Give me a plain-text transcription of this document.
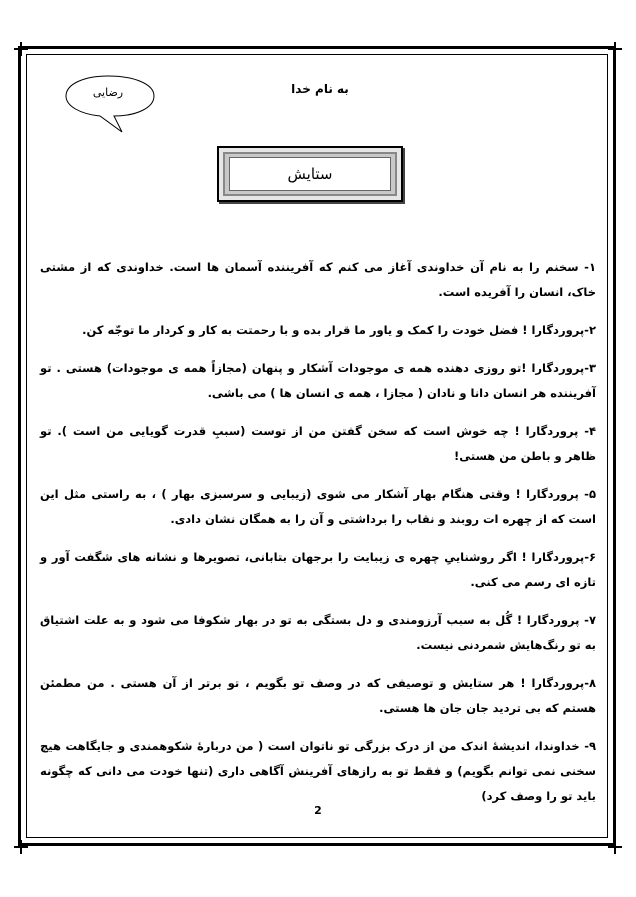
رضایی	به نام خدا
ستایش

۱- سخنم را به نام آن خداوندی آغاز می کنم که آفریننده آسمان ها است. خداوندی که از مشتی خاک، انسان را آفریده است.

۲-پروردگارا ! فضل خودت را کمک و یاور ما قرار بده و با رحمتت به کار و کردار ما توجّه کن.

۳-پروردگارا !تو روزی دهنده همه ی موجودات آشکار و پنهان (مجازاً همه ی موجودات) هستی . تو آفریننده هر انسان دانا و نادان ( مجازا ، همه ی انسان ها ) می باشی.

۴- پروردگارا ! چه خوش است که سخن گفتن من از توست (سببِ قدرت گویایی من است ). تو ظاهر و باطن من هستی!

۵- پروردگارا ! وقتی هنگام بهار آشکار می شوی (زیبایی و سرسبزی بهار ) ، به راستی مثل این است که از چهره ات روبند و نقاب را برداشتی و آن را به همگان نشان دادی.

۶-پروردگارا ! اگر روشناییِ چهره ی زیبایت را برجهان بتابانی، تصویرها و نشانه های شگفت آور و تازه ای رسم می کنی.

۷- پروردگارا ! گُل به سبب آرزومندی و دل بستگی به تو در بهار شکوفا می شود و به علت اشتیاق به تو رنگ‌هایش شمردنی نیست.

۸-پروردگارا ! هر ستایش و توصیفی که در وصف تو بگویم ، تو برتر از آن هستی . من مطمئن هستم که بی تردید جان جان ها هستی.

۹- خداوندا، اندیشهٔ اندک من از درک بزرگی تو ناتوان است ( من دربارهٔ شکوهمندی و جایگاهت هیچ سخنی نمی توانم بگویم) و فقط تو به رازهای آفرینش آگاهی داری (تنها خودت می دانی که چگونه باید تو را وصف کرد)

2
